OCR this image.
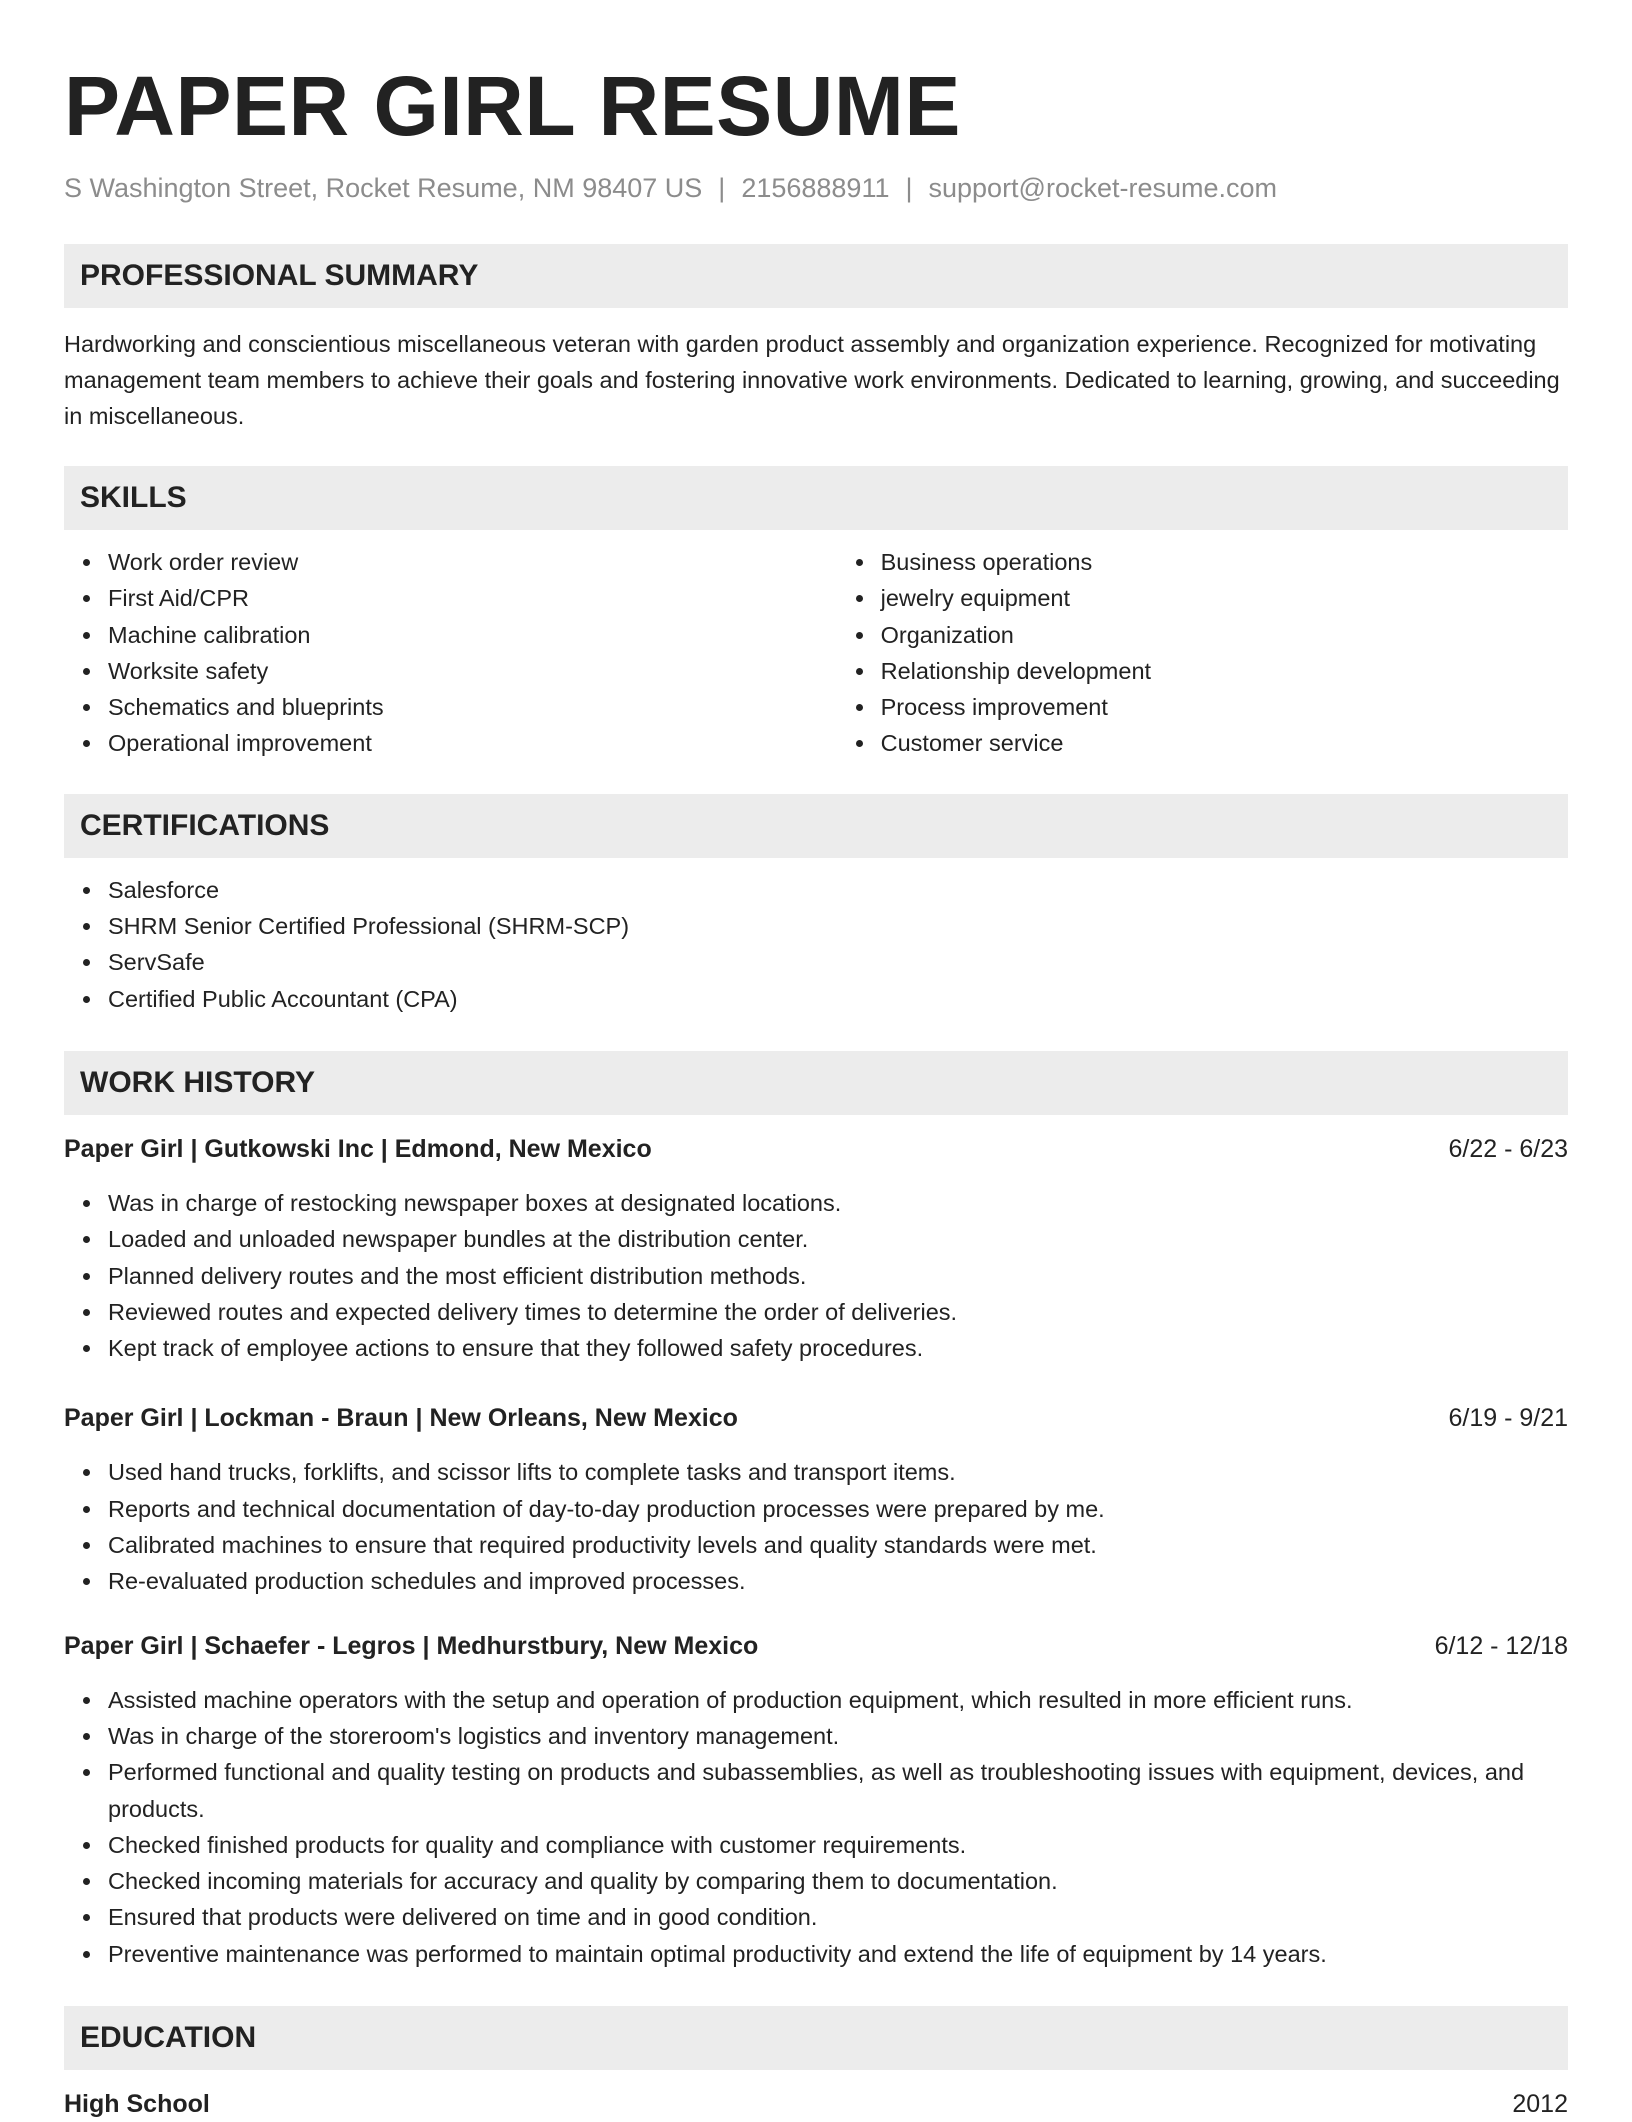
PAPER GIRL RESUME
S Washington Street, Rocket Resume, NM 98407 US | 2156888911 | support@rocket-resume.com
PROFESSIONAL SUMMARY
Hardworking and conscientious miscellaneous veteran with garden product assembly and organization experience. Recognized for motivating management team members to achieve their goals and fostering innovative work environments. Dedicated to learning, growing, and succeeding in miscellaneous.
SKILLS
Work order review
First Aid/CPR
Machine calibration
Worksite safety
Schematics and blueprints
Operational improvement
Business operations
jewelry equipment
Organization
Relationship development
Process improvement
Customer service
CERTIFICATIONS
Salesforce
SHRM Senior Certified Professional (SHRM-SCP)
ServSafe
Certified Public Accountant (CPA)
WORK HISTORY
Paper Girl | Gutkowski Inc | Edmond, New Mexico	6/22 - 6/23
Was in charge of restocking newspaper boxes at designated locations.
Loaded and unloaded newspaper bundles at the distribution center.
Planned delivery routes and the most efficient distribution methods.
Reviewed routes and expected delivery times to determine the order of deliveries.
Kept track of employee actions to ensure that they followed safety procedures.
Paper Girl | Lockman - Braun | New Orleans, New Mexico	6/19 - 9/21
Used hand trucks, forklifts, and scissor lifts to complete tasks and transport items.
Reports and technical documentation of day-to-day production processes were prepared by me.
Calibrated machines to ensure that required productivity levels and quality standards were met.
Re-evaluated production schedules and improved processes.
Paper Girl | Schaefer - Legros | Medhurstbury, New Mexico	6/12 - 12/18
Assisted machine operators with the setup and operation of production equipment, which resulted in more efficient runs.
Was in charge of the storeroom's logistics and inventory management.
Performed functional and quality testing on products and subassemblies, as well as troubleshooting issues with equipment, devices, and products.
Checked finished products for quality and compliance with customer requirements.
Checked incoming materials for accuracy and quality by comparing them to documentation.
Ensured that products were delivered on time and in good condition.
Preventive maintenance was performed to maintain optimal productivity and extend the life of equipment by 14 years.
EDUCATION
High School	2012
